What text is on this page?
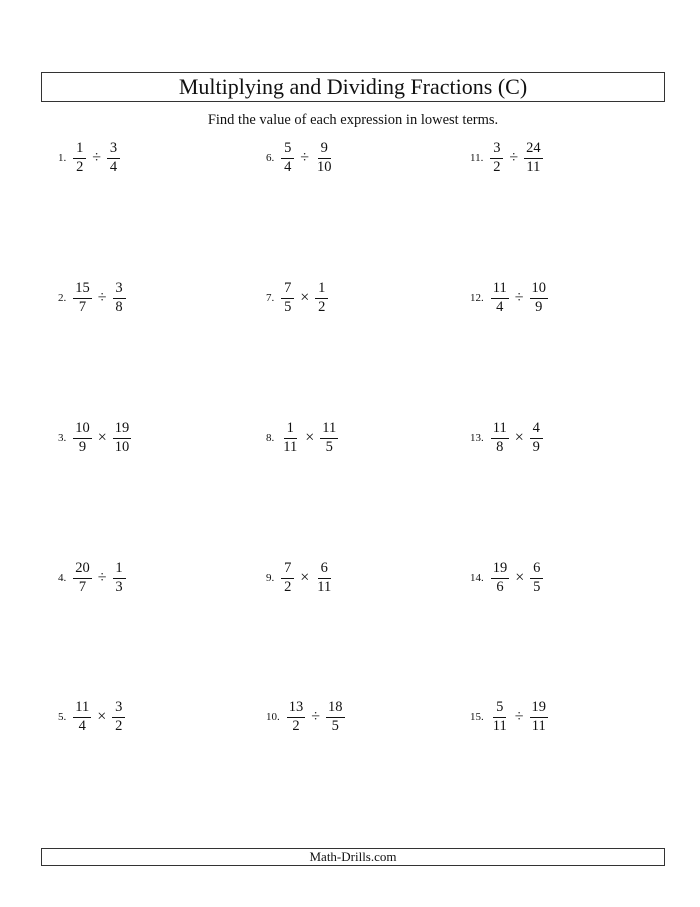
Multiplying and Dividing Fractions (C)
Find the value of each expression in lowest terms.
1. $\frac{1}{2} \div \frac{3}{4}$
2. $\frac{15}{7} \div \frac{3}{8}$
3. $\frac{10}{9} \times \frac{19}{10}$
4. $\frac{20}{7} \div \frac{1}{3}$
5. $\frac{11}{4} \times \frac{3}{2}$
6. $\frac{5}{4} \div \frac{9}{10}$
7. $\frac{7}{5} \times \frac{1}{2}$
8. $\frac{1}{11} \times \frac{11}{5}$
9. $\frac{7}{2} \times \frac{6}{11}$
10. $\frac{13}{2} \div \frac{18}{5}$
11. $\frac{3}{2} \div \frac{24}{11}$
12. $\frac{11}{4} \div \frac{10}{9}$
13. $\frac{11}{8} \times \frac{4}{9}$
14. $\frac{19}{6} \times \frac{6}{5}$
15. $\frac{5}{11} \div \frac{19}{11}$
Math-Drills.com
